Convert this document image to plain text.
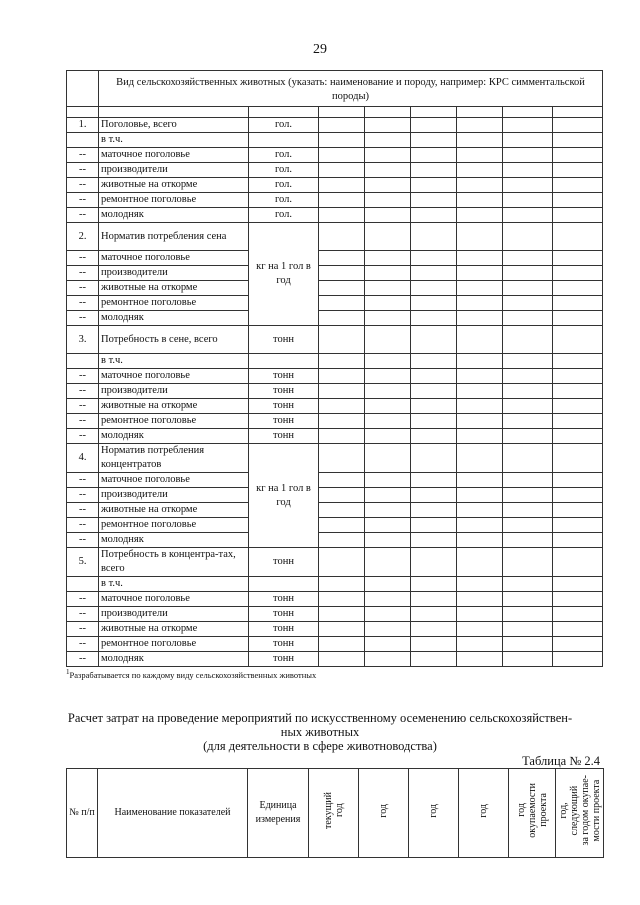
29
	Вид сельскохозяйственных животных (указать: наименование и породу, например: КРС симментальской породы)							

1.	Поголовье, всего	гол.						
	в т.ч.							
--	маточное поголовье	гол.						
--	производители	гол.						
--	животные на откорме	гол.						
--	ремонтное поголовье	гол.						
--	молодняк	гол.						
2.	Норматив потребления сена	кг на 1 гол в год						
--	маточное поголовье							
--	производители							
--	животные на откорме							
--	ремонтное поголовье							
--	молодняк							
3.	Потребность в сене, всего	тонн						
	в т.ч.							
--	маточное поголовье	тонн						
--	производители	тонн						
--	животные на откорме	тонн						
--	ремонтное поголовье	тонн						
--	молодняк	тонн						
4.	Норматив потребления концентратов	кг на 1 гол в год						
--	маточное поголовье							
--	производители							
--	животные на откорме							
--	ремонтное поголовье							
--	молодняк							
5.	Потребность в концентра-тах, всего	тонн						
	в т.ч.							
--	маточное поголовье	тонн						
--	производители	тонн						
--	животные на откорме	тонн						
--	ремонтное поголовье	тонн						
--	молодняк	тонн						
$^1$Разрабатывается по каждому виду сельскохозяйственных животных
Расчет затрат на проведение мероприятий по искусственному осеменению сельскохозяйствен-
ных животных
(для деятельности в сфере животноводства)
Таблица № 2.4
№ п/п	Наименование показателей	Единица измерения	текущий год	год	год	год	год окупаемости проекта	год, следующий за годом окупае- мости проекта
